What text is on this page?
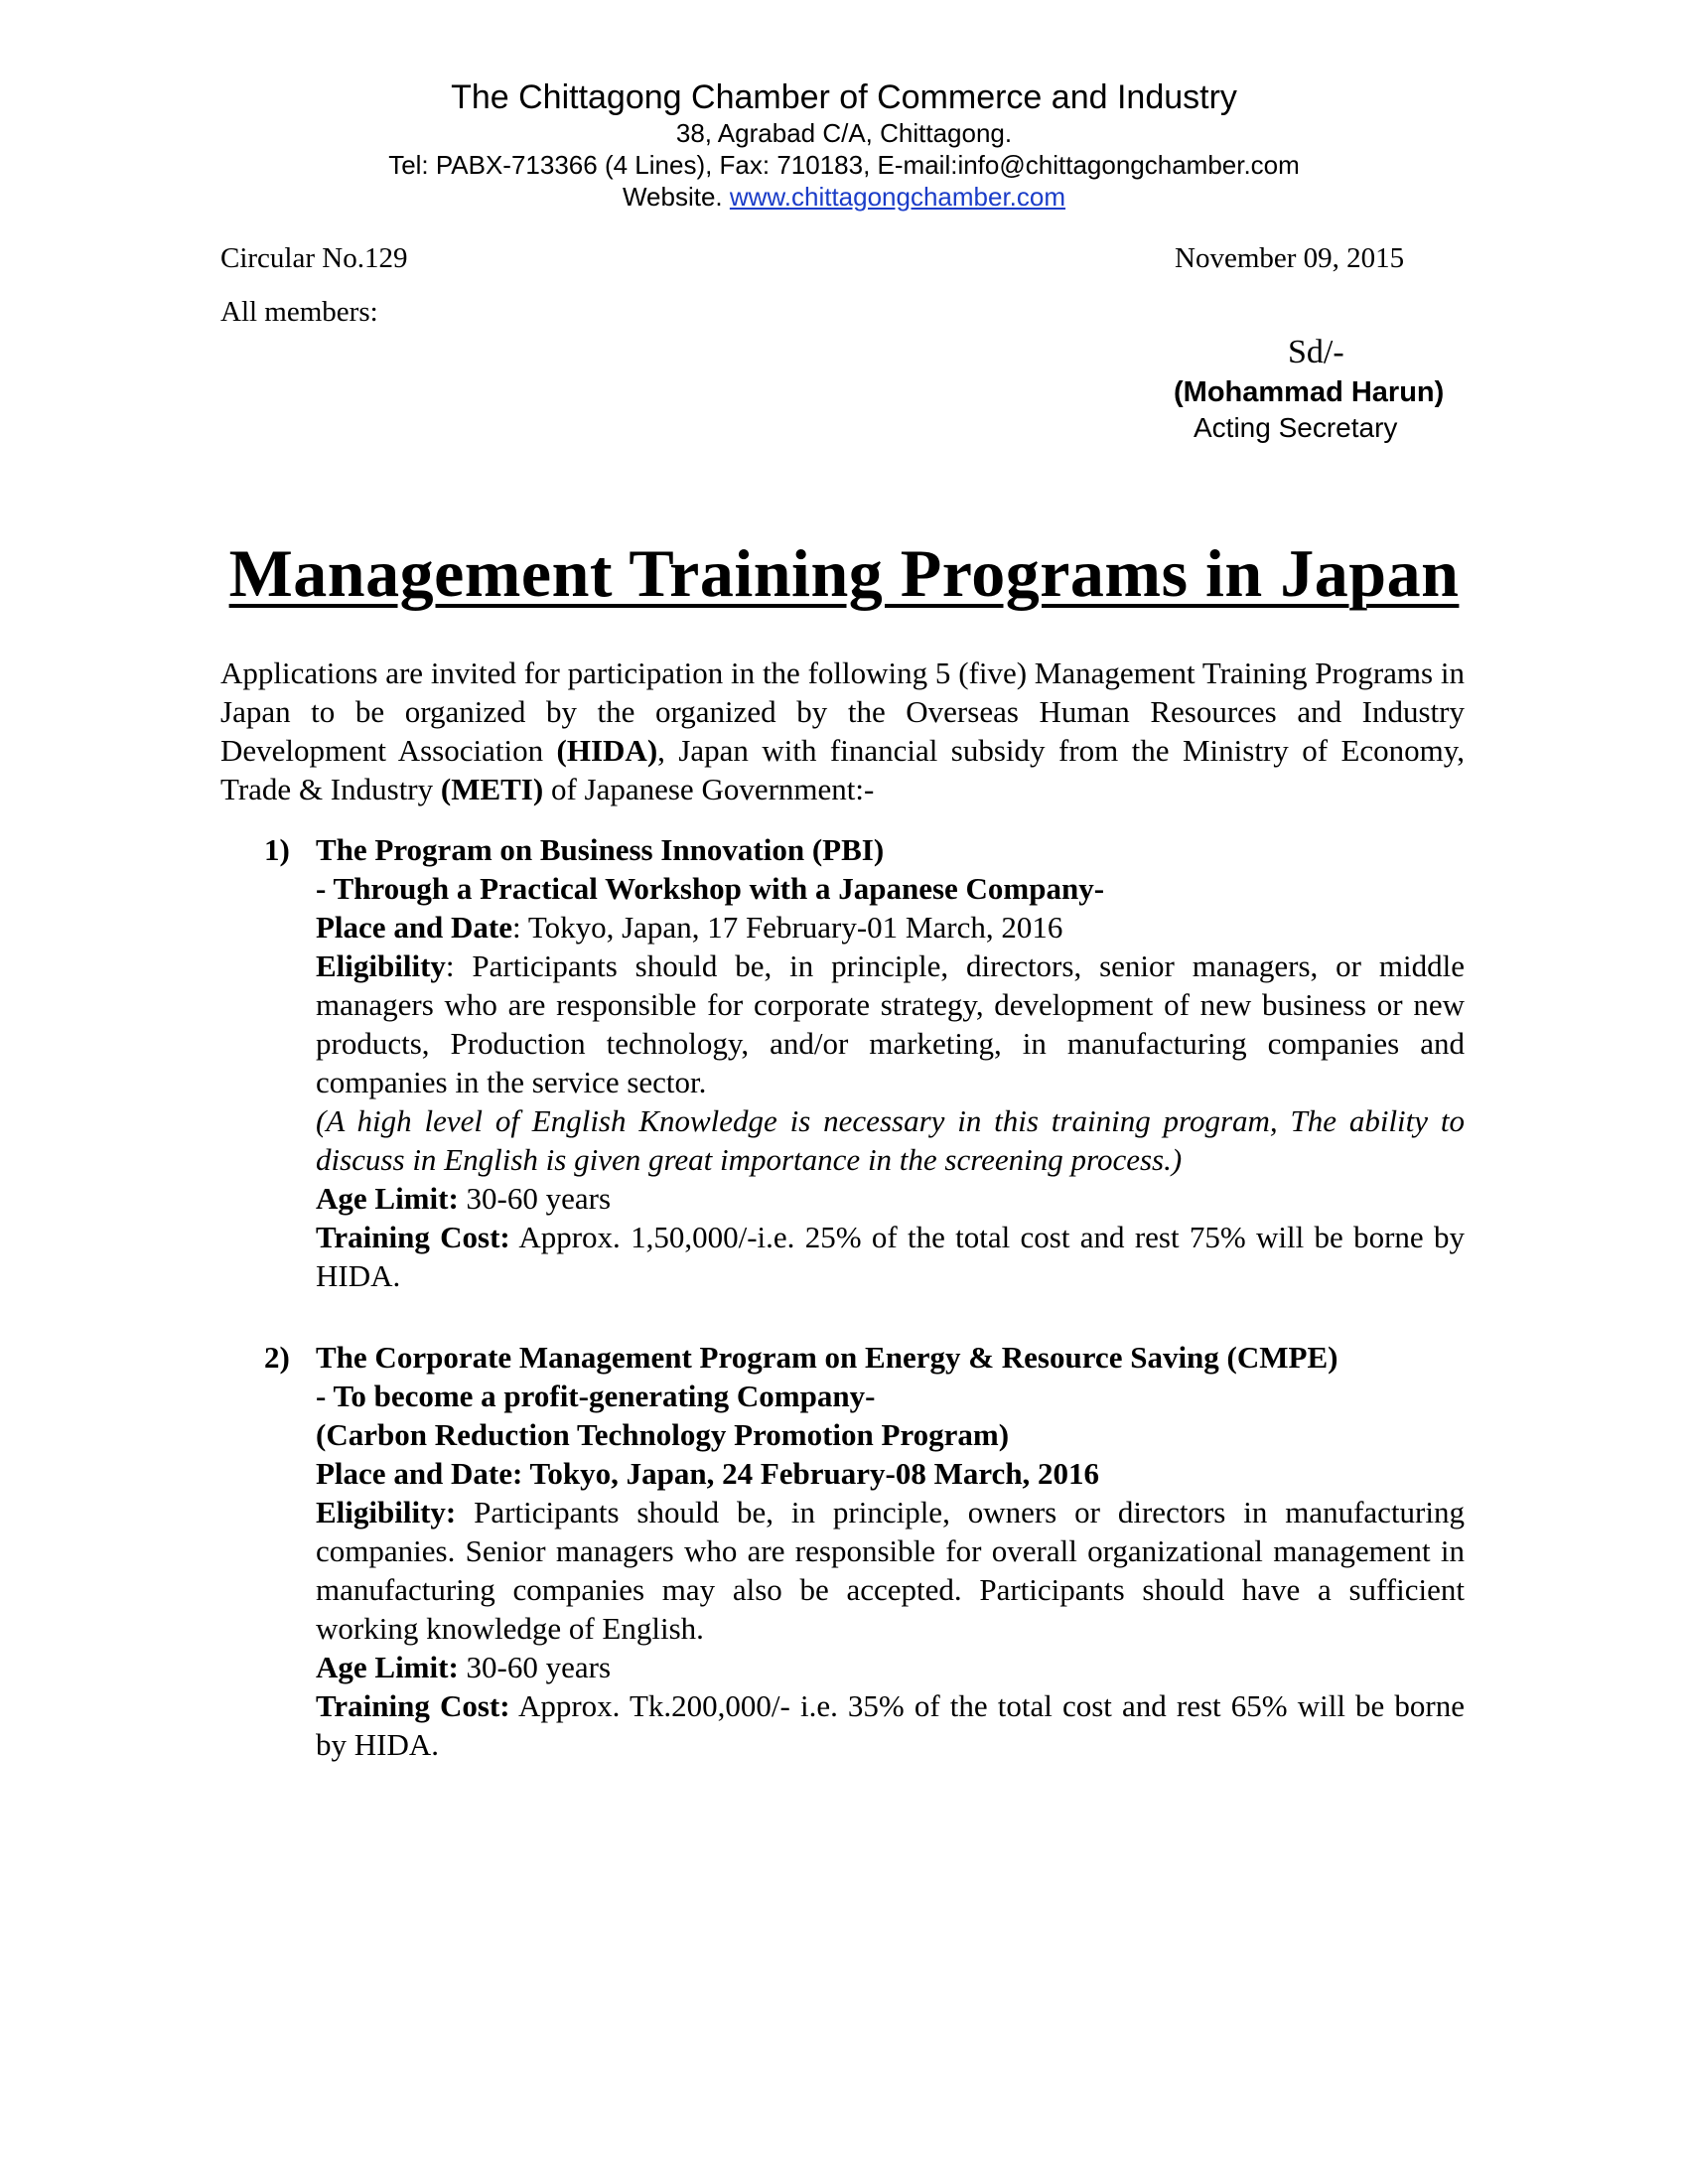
The Chittagong Chamber of Commerce and Industry
38, Agrabad C/A, Chittagong.
Tel: PABX-713366 (4 Lines), Fax: 710183, E-mail:info@chittagongchamber.com
Website. www.chittagongchamber.com
Circular No.129	November 09, 2015
All members:
Sd/-
(Mohammad Harun)
Acting Secretary
Management Training Programs in Japan
Applications are invited for participation in the following 5 (five) Management Training Programs in Japan to be organized by the organized by the Overseas Human Resources and Industry Development Association (HIDA), Japan with financial subsidy from the Ministry of Economy, Trade & Industry (METI) of Japanese Government:-
1) The Program on Business Innovation (PBI)
- Through a Practical Workshop with a Japanese Company-
Place and Date: Tokyo, Japan, 17 February-01 March, 2016
Eligibility: Participants should be, in principle, directors, senior managers, or middle managers who are responsible for corporate strategy, development of new business or new products, Production technology, and/or marketing, in manufacturing companies and companies in the service sector.
(A high level of English Knowledge is necessary in this training program, The ability to discuss in English is given great importance in the screening process.)
Age Limit: 30-60 years
Training Cost: Approx. 1,50,000/-i.e. 25% of the total cost and rest 75% will be borne by HIDA.
2) The Corporate Management Program on Energy & Resource Saving (CMPE)
- To become a profit-generating Company-
(Carbon Reduction Technology Promotion Program)
Place and Date: Tokyo, Japan, 24 February-08 March, 2016
Eligibility: Participants should be, in principle, owners or directors in manufacturing companies. Senior managers who are responsible for overall organizational management in manufacturing companies may also be accepted. Participants should have a sufficient working knowledge of English.
Age Limit: 30-60 years
Training Cost: Approx. Tk.200,000/- i.e. 35% of the total cost and rest 65% will be borne by HIDA.
